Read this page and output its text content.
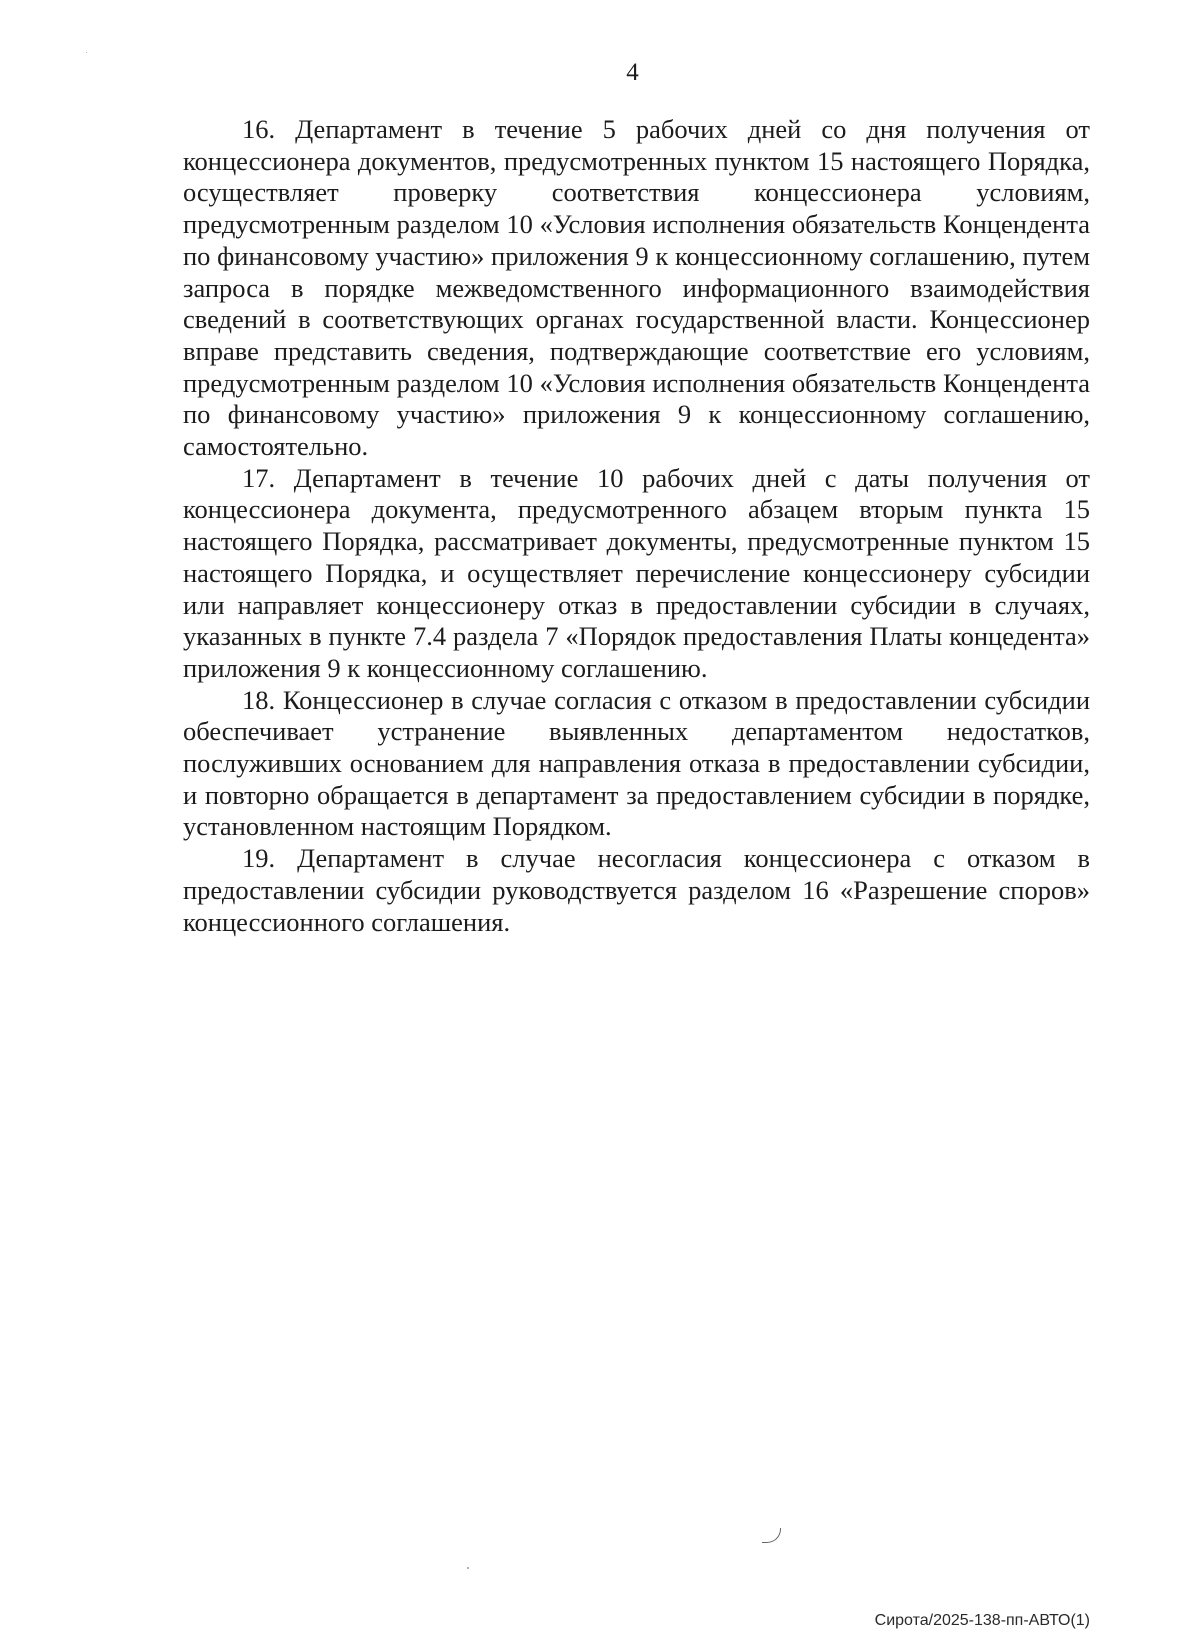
4

16. Департамент в течение 5 рабочих дней со дня получения от концессионера документов, предусмотренных пунктом 15 настоящего Порядка, осуществляет проверку соответствия концессионера условиям, предусмотренным разделом 10 «Условия исполнения обязательств Концендента по финансовому участию» приложения 9 к концессионному соглашению, путем запроса в порядке межведомственного информационного взаимодействия сведений в соответствующих органах государственной власти. Концессионер вправе представить сведения, подтверждающие соответствие его условиям, предусмотренным разделом 10 «Условия исполнения обязательств Концендента по финансовому участию» приложения 9 к концессионному соглашению, самостоятельно.

17. Департамент в течение 10 рабочих дней с даты получения от концессионера документа, предусмотренного абзацем вторым пункта 15 настоящего Порядка, рассматривает документы, предусмотренные пунктом 15 настоящего Порядка, и осуществляет перечисление концессионеру субсидии или направляет концессионеру отказ в предоставлении субсидии в случаях, указанных в пункте 7.4 раздела 7 «Порядок предоставления Платы концедента» приложения 9 к концессионному соглашению.

18. Концессионер в случае согласия с отказом в предоставлении субсидии обеспечивает устранение выявленных департаментом недостатков, послуживших основанием для направления отказа в предоставлении субсидии, и повторно обращается в департамент за предоставлением субсидии в порядке, установленном настоящим Порядком.

19. Департамент в случае несогласия концессионера с отказом в предоставлении субсидии руководствуется разделом 16 «Разрешение споров» концессионного соглашения.

Сирота/2025-138-пп-АВТО(1)
